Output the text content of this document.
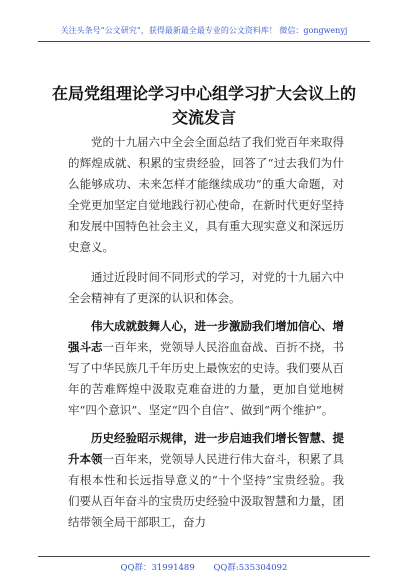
关注头条号“公文研究”，获得最新最全最专业的公文资料库！ 微信：gongwenyj
在局党组理论学习中心组学习扩大会议上的交流发言

党的十九届六中全会全面总结了我们党百年来取得的辉煌成就、积累的宝贵经验，回答了“过去我们为什么能够成功、未来怎样才能继续成功”的重大命题，对全党更加坚定自觉地践行初心使命，在新时代更好坚持和发展中国特色社会主义，具有重大现实意义和深远历史意义。

通过近段时间不同形式的学习，对党的十九届六中全会精神有了更深的认识和体会。

伟大成就鼓舞人心，进一步激励我们增加信心、增强斗志一百年来，党领导人民浴血奋战、百折不挠，书写了中华民族几千年历史上最恢宏的史诗。我们要从百年的苦难辉煌中汲取克难奋进的力量，更加自觉地树牢“四个意识”、坚定“四个自信”、做到“两个维护”。

历史经验昭示规律，进一步启迪我们增长智慧、提升本领一百年来，党领导人民进行伟大奋斗，积累了具有根本性和长远指导意义的“十个坚持”宝贵经验。我们要从百年奋斗的宝贵历史经验中汲取智慧和力量，团结带领全局干部职工，奋力

QQ群：31991489 QQ群:535304092
